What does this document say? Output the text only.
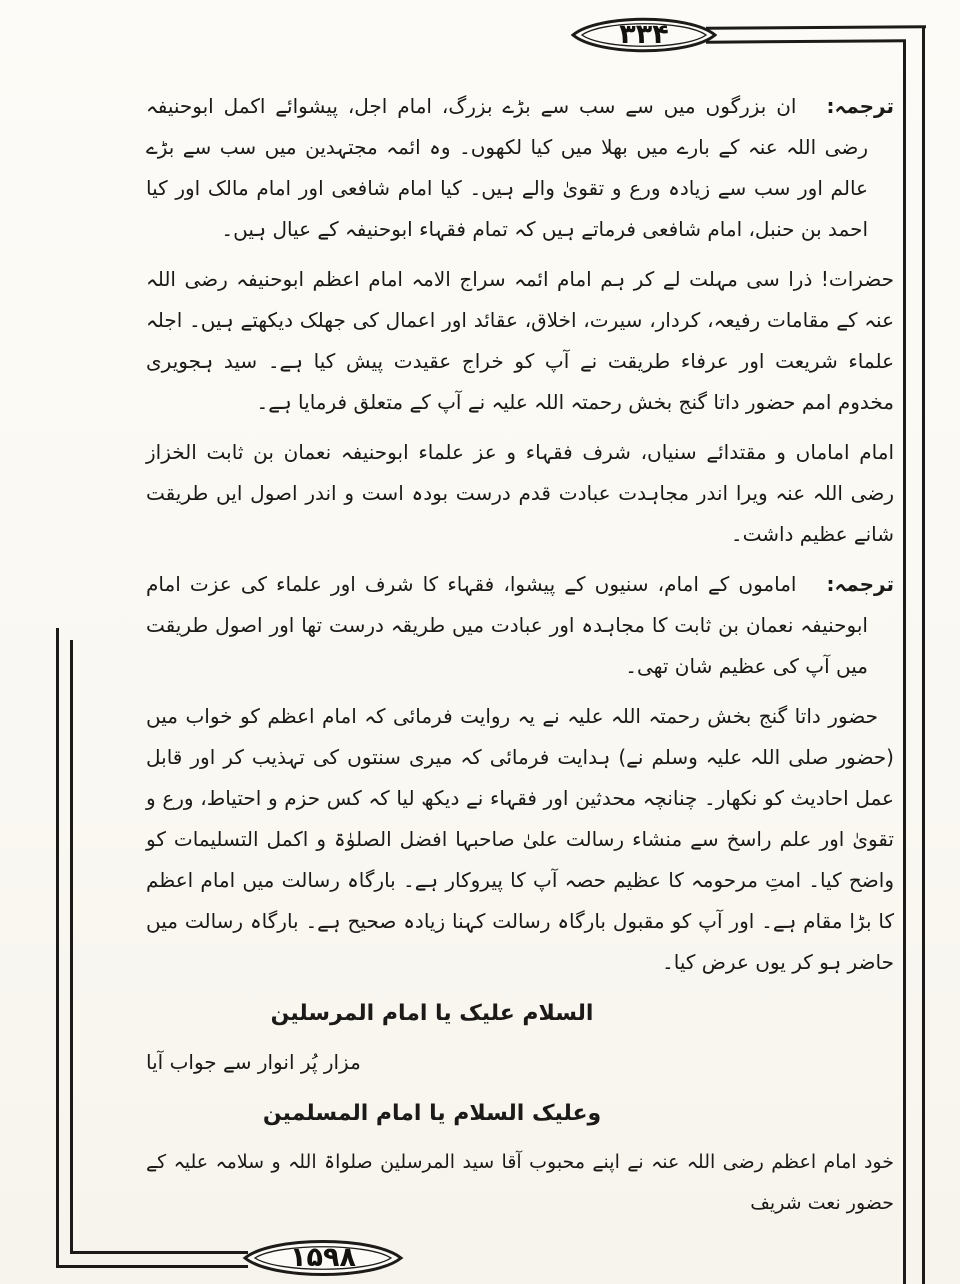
۳۳۴
۱۵۹۸

ترجمہ:ان بزرگوں میں سے سب سے بڑے بزرگ، امام اجل، پیشوائے اکمل ابوحنیفہ رضی اللہ عنہ کے بارے میں بھلا میں کیا لکھوں۔ وہ ائمہ مجتہدین میں سب سے بڑے عالم اور سب سے زیادہ ورع و تقویٰ والے ہیں۔ کیا امام شافعی اور امام مالک اور کیا احمد بن حنبل، امام شافعی فرماتے ہیں کہ تمام فقہاء ابوحنیفہ کے عیال ہیں۔

حضرات! ذرا سی مہلت لے کر ہم امام ائمہ سراج الامہ امام اعظم ابوحنیفہ رضی اللہ عنہ کے مقامات رفیعہ، کردار، سیرت، اخلاق، عقائد اور اعمال کی جھلک دیکھتے ہیں۔ اجلہ علماء شریعت اور عرفاء طریقت نے آپ کو خراج عقیدت پیش کیا ہے۔ سید ہجویری مخدوم امم حضور داتا گنج بخش رحمتہ اللہ علیہ نے آپ کے متعلق فرمایا ہے۔

امام اماماں و مقتدائے سنیاں، شرف فقہاء و عز علماء ابوحنیفہ نعمان بن ثابت الخزاز رضی اللہ عنہ ویرا اندر مجاہدت عبادت قدم درست بودہ است و اندر اصول ایں طریقت شانے عظیم داشت۔

ترجمہ:اماموں کے امام، سنیوں کے پیشوا، فقہاء کا شرف اور علماء کی عزت امام ابوحنیفہ نعمان بن ثابت کا مجاہدہ اور عبادت میں طریقہ درست تھا اور اصول طریقت میں آپ کی عظیم شان تھی۔

حضور داتا گنج بخش رحمتہ اللہ علیہ نے یہ روایت فرمائی کہ امام اعظم کو خواب میں (حضور صلی اللہ علیہ وسلم نے) ہدایت فرمائی کہ میری سنتوں کی تہذیب کر اور قابل عمل احادیث کو نکھار۔ چنانچہ محدثین اور فقہاء نے دیکھ لیا کہ کس حزم و احتیاط، ورع و تقویٰ اور علم راسخ سے منشاء رسالت علیٰ صاحبہا افضل الصلوٰۃ و اکمل التسلیمات کو واضح کیا۔ امتِ مرحومہ کا عظیم حصہ آپ کا پیروکار ہے۔ بارگاہ رسالت میں امام اعظم کا بڑا مقام ہے۔ اور آپ کو مقبول بارگاہ رسالت کہنا زیادہ صحیح ہے۔ بارگاہ رسالت میں حاضر ہو کر یوں عرض کیا۔

السلام علیک یا امام المرسلین

مزار پُر انوار سے جواب آیا

وعلیک السلام یا امام المسلمین

خود امام اعظم رضی اللہ عنہ نے اپنے محبوب آقا سید المرسلین صلواۃ اللہ و سلامہ علیہ کے حضور نعت شریف
